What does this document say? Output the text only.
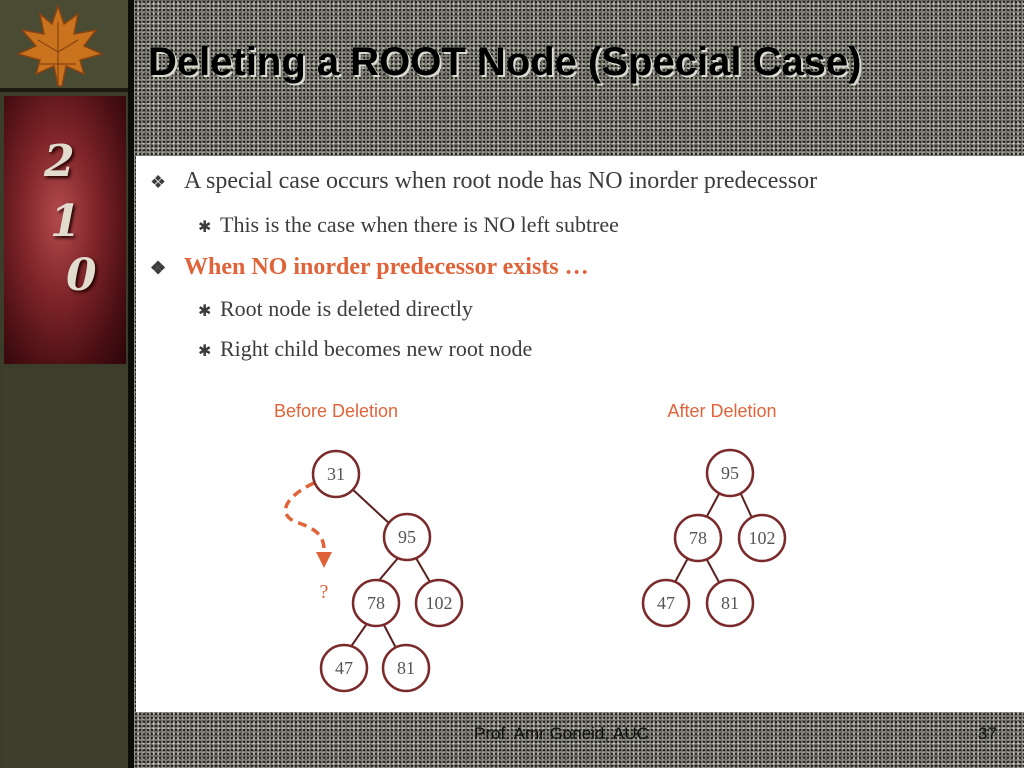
2
1
0
Deleting a ROOT Node (Special Case)
❖ A special case occurs when root node has NO inorder predecessor
✱ This is the case when there is NO left subtree
❖ When NO inorder predecessor exists …
✱ Root node is deleted directly
✱ Right child becomes new root node
Before Deletion	After Deletion
?
31
95
78 102
47 81
95
78 102
47	81
Prof. Amr Goneid, AUC	37
